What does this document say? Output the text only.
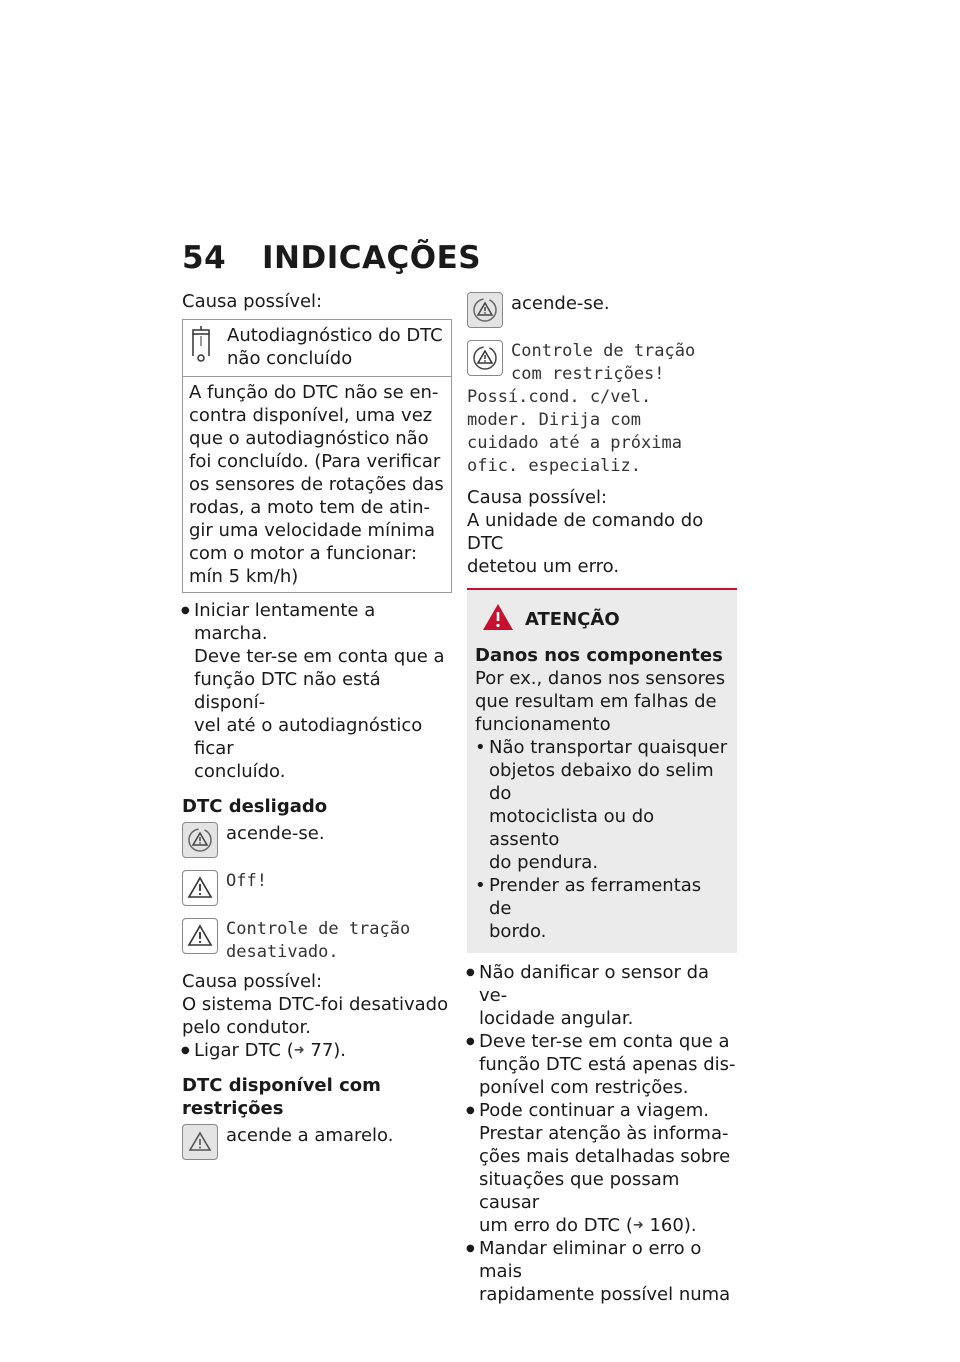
54 INDICAÇÕES

Causa possível:

Autodiagnóstico do DTC
não concluído
A função do DTC não se en-
contra disponível, uma vez
que o autodiagnóstico não
foi concluído. (Para verificar
os sensores de rotações das
rodas, a moto tem de atin-
gir uma velocidade mínima
com o motor a funcionar:
mín 5 km/h)
● Iniciar lentamente a marcha.
Deve ter-se em conta que a
função DTC não está disponí-
vel até o autodiagnóstico ficar
concluído.
DTC desligado

acende-se.

Off!
Controle de tração
desativado.

Causa possível:

O sistema DTC-foi desativado

pelo condutor.

● Ligar DTC (➜ 77).
DTC disponível com restrições

acende a amarelo.

acende-se.

Controle de tração
com restrições!
Possí.cond. c/vel.
moder. Dirija com
cuidado até a próxima
ofic. especializ.

Causa possível:

A unidade de comando do DTC

detetou um erro.

ATENÇÃO
Danos nos componentes

Por ex., danos nos sensores

que resultam em falhas de

funcionamento

• Não transportar quaisquer
objetos debaixo do selim do
motociclista ou do assento
do pendura.
• Prender as ferramentas de
bordo.
● Não danificar o sensor da ve-
locidade angular.
● Deve ter-se em conta que a
função DTC está apenas dis-
ponível com restrições.
● Pode continuar a viagem.
Prestar atenção às informa-
ções mais detalhadas sobre
situações que possam causar
um erro do DTC (➜ 160).
● Mandar eliminar o erro o mais
rapidamente possível numa
